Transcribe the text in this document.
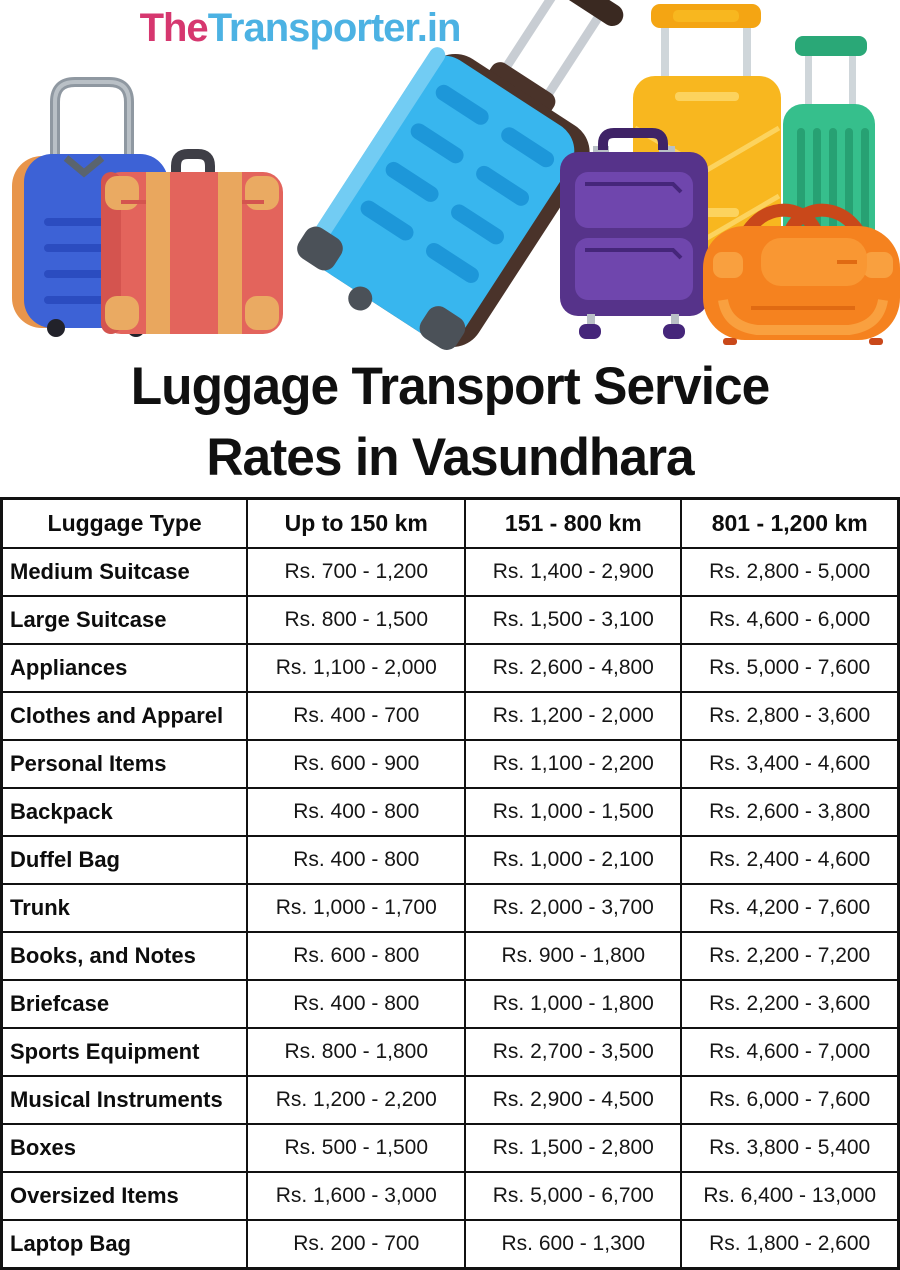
TheTransporter.in
Luggage Transport Service
Rates in Vasundhara
Luggage Type	Up to 150 km	151 - 800 km	801 - 1,200 km
Medium Suitcase	Rs. 700 - 1,200	Rs. 1,400 - 2,900	Rs. 2,800 - 5,000
Large Suitcase	Rs. 800 - 1,500	Rs. 1,500 - 3,100	Rs. 4,600 - 6,000
Appliances	Rs. 1,100 - 2,000	Rs. 2,600 - 4,800	Rs. 5,000 - 7,600
Clothes and Apparel	Rs. 400 - 700	Rs. 1,200 - 2,000	Rs. 2,800 - 3,600
Personal Items	Rs. 600 - 900	Rs. 1,100 - 2,200	Rs. 3,400 - 4,600
Backpack	Rs. 400 - 800	Rs. 1,000 - 1,500	Rs. 2,600 - 3,800
Duffel Bag	Rs. 400 - 800	Rs. 1,000 - 2,100	Rs. 2,400 - 4,600
Trunk	Rs. 1,000 - 1,700	Rs. 2,000 - 3,700	Rs. 4,200 - 7,600
Books, and Notes	Rs. 600 - 800	Rs. 900 - 1,800	Rs. 2,200 - 7,200
Briefcase	Rs. 400 - 800	Rs. 1,000 - 1,800	Rs. 2,200 - 3,600
Sports Equipment	Rs. 800 - 1,800	Rs. 2,700 - 3,500	Rs. 4,600 - 7,000
Musical Instruments	Rs. 1,200 - 2,200	Rs. 2,900 - 4,500	Rs. 6,000 - 7,600
Boxes	Rs. 500 - 1,500	Rs. 1,500 - 2,800	Rs. 3,800 - 5,400
Oversized Items	Rs. 1,600 - 3,000	Rs. 5,000 - 6,700	Rs. 6,400 - 13,000
Laptop Bag	Rs. 200 - 700	Rs. 600 - 1,300	Rs. 1,800 - 2,600
